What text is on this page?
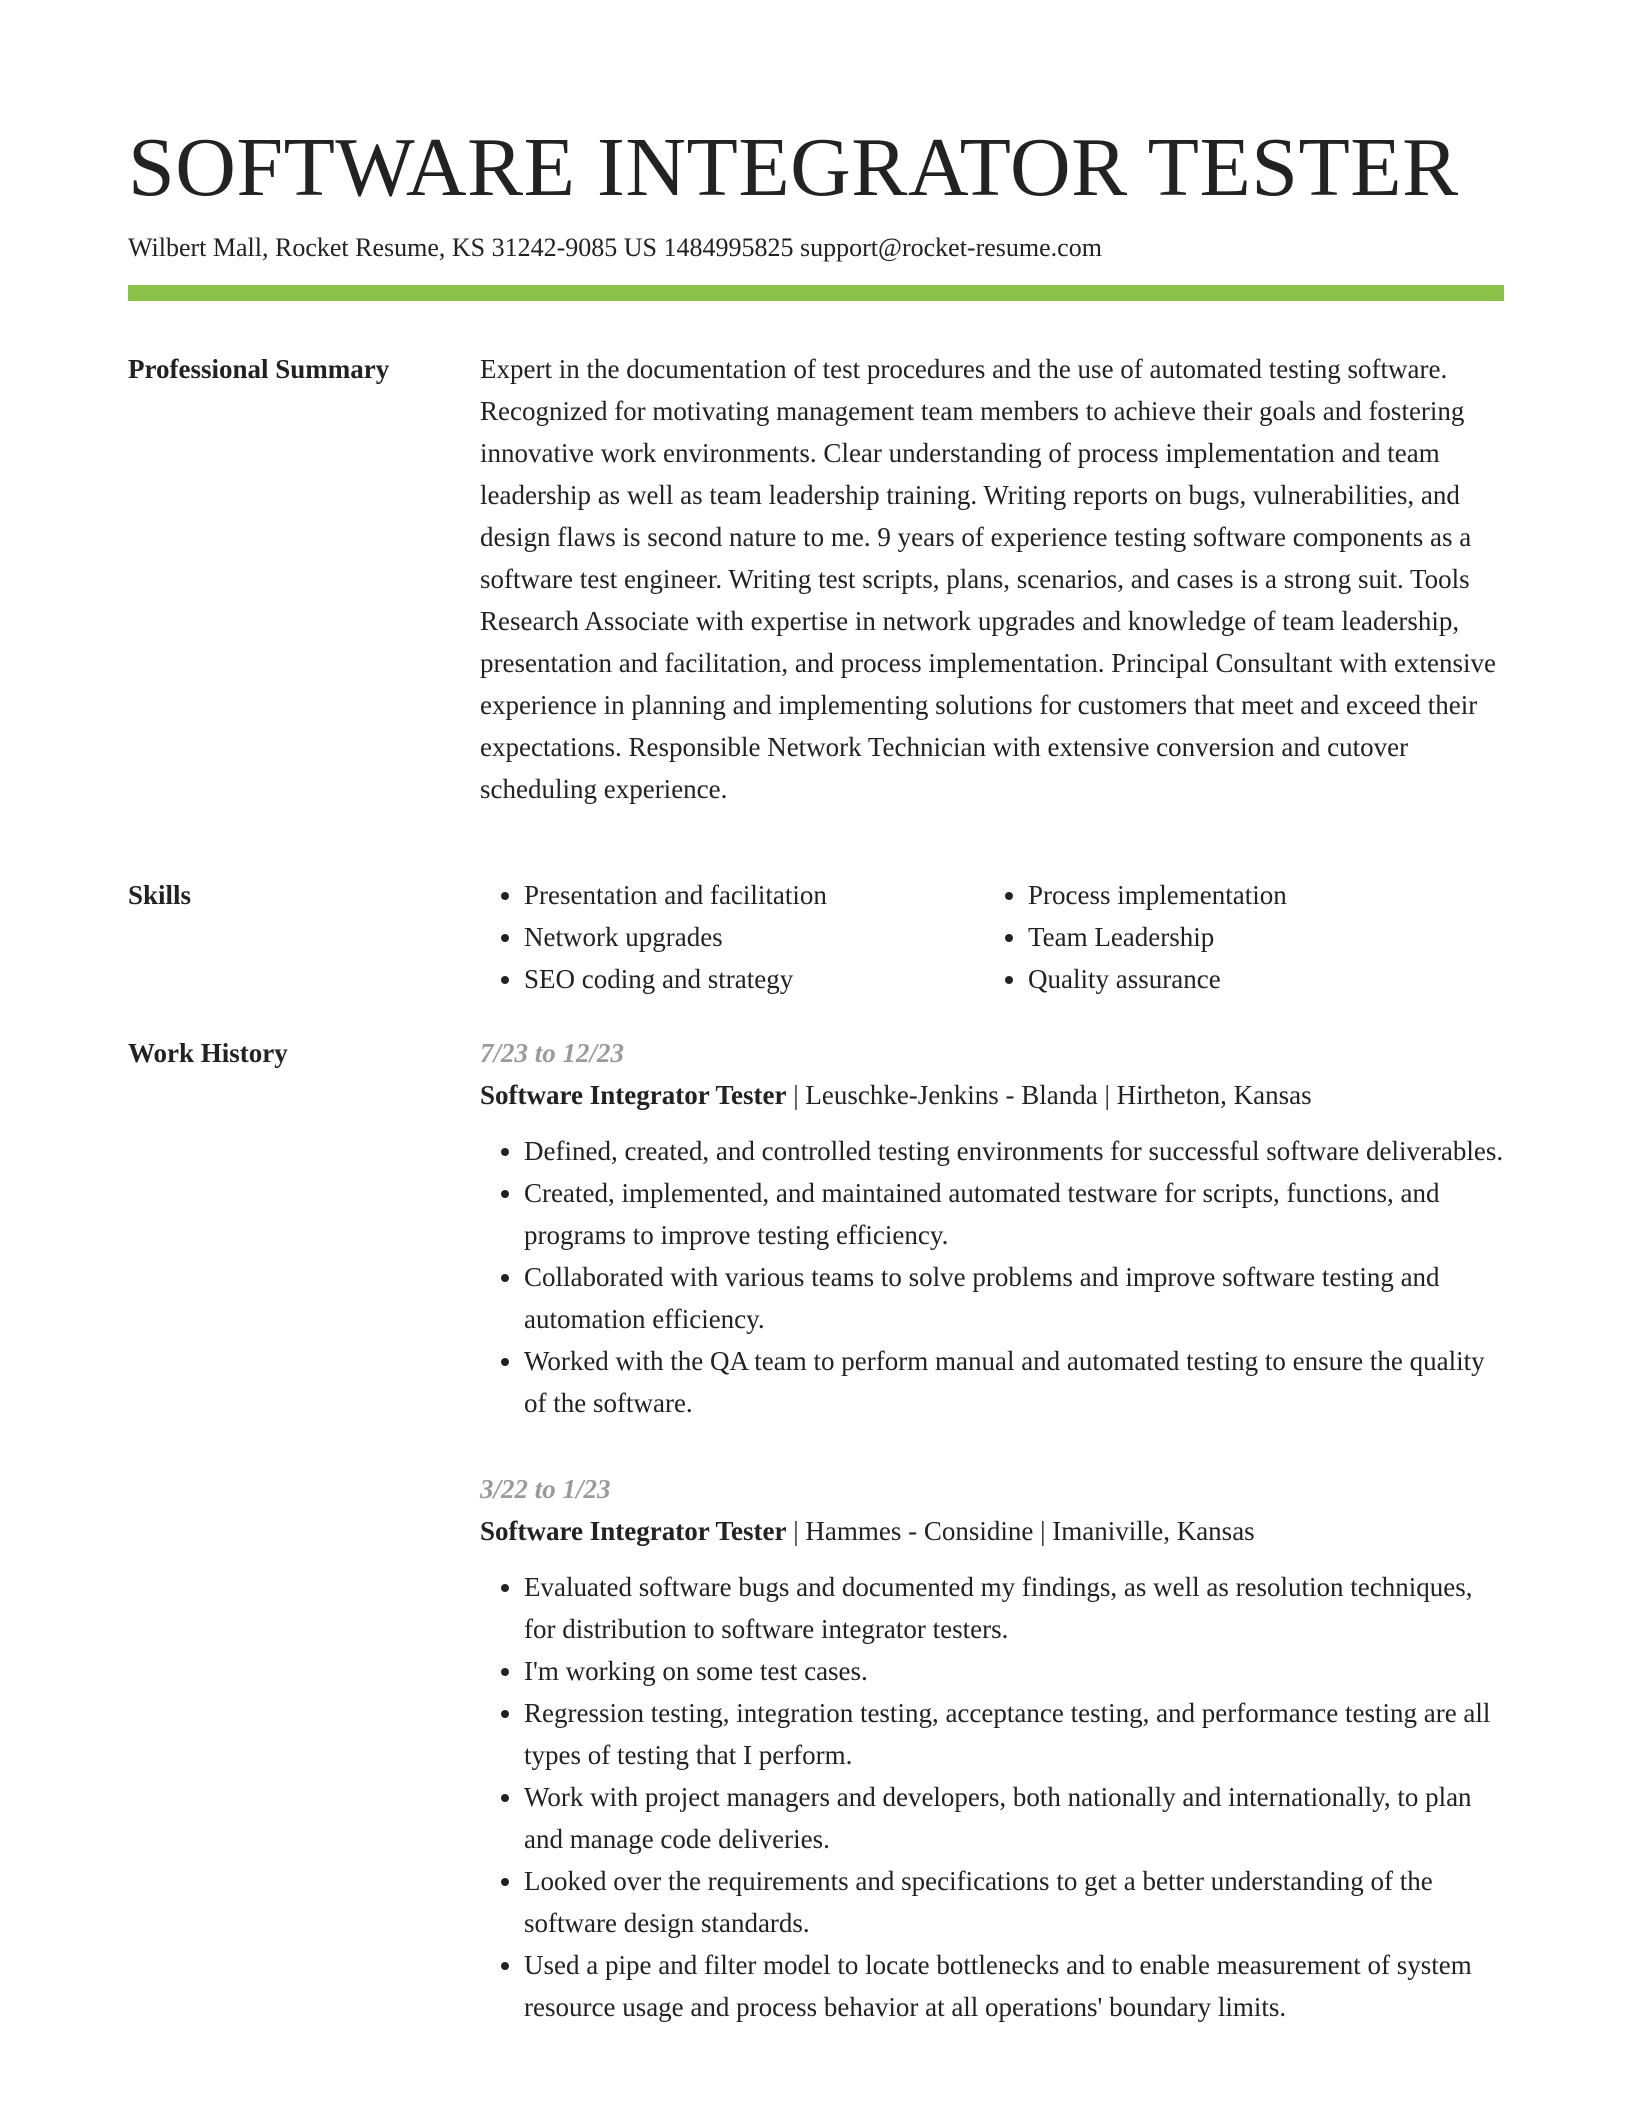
SOFTWARE INTEGRATOR TESTER
Wilbert Mall, Rocket Resume, KS 31242-9085 US 1484995825 support@rocket-resume.com
Professional Summary	Expert in the documentation of test procedures and the use of automated testing software. Recognized for motivating management team members to achieve their goals and fostering innovative work environments. Clear understanding of process implementation and team leadership as well as team leadership training. Writing reports on bugs, vulnerabilities, and design flaws is second nature to me. 9 years of experience testing software components as a software test engineer. Writing test scripts, plans, scenarios, and cases is a strong suit. Tools Research Associate with expertise in network upgrades and knowledge of team leadership, presentation and facilitation, and process implementation. Principal Consultant with extensive experience in planning and implementing solutions for customers that meet and exceed their expectations. Responsible Network Technician with extensive conversion and cutover scheduling experience.

Skills
•	Presentation and facilitation
• Network upgrades
• SEO coding and strategy
• Process implementation
• Team Leadership
• Quality assurance
Work History	7/23 to 12/23
Software Integrator Tester | Leuschke-Jenkins - Blanda | Hirtheton, Kansas
• Defined, created, and controlled testing environments for successful software deliverables.
• Created, implemented, and maintained automated testware for scripts, functions, and programs to improve testing efficiency.
• Collaborated with various teams to solve problems and improve software testing and automation efficiency.
• Worked with the QA team to perform manual and automated testing to ensure the quality of the software.
3/22 to 1/23
Software Integrator Tester | Hammes - Considine | Imaniville, Kansas
• Evaluated software bugs and documented my findings, as well as resolution techniques, for distribution to software integrator testers.
• I'm working on some test cases.
• Regression testing, integration testing, acceptance testing, and performance testing are all types of testing that I perform.
• Work with project managers and developers, both nationally and internationally, to plan and manage code deliveries.
• Looked over the requirements and specifications to get a better understanding of the software design standards.
• Used a pipe and filter model to locate bottlenecks and to enable measurement of system resource usage and process behavior at all operations' boundary limits.
